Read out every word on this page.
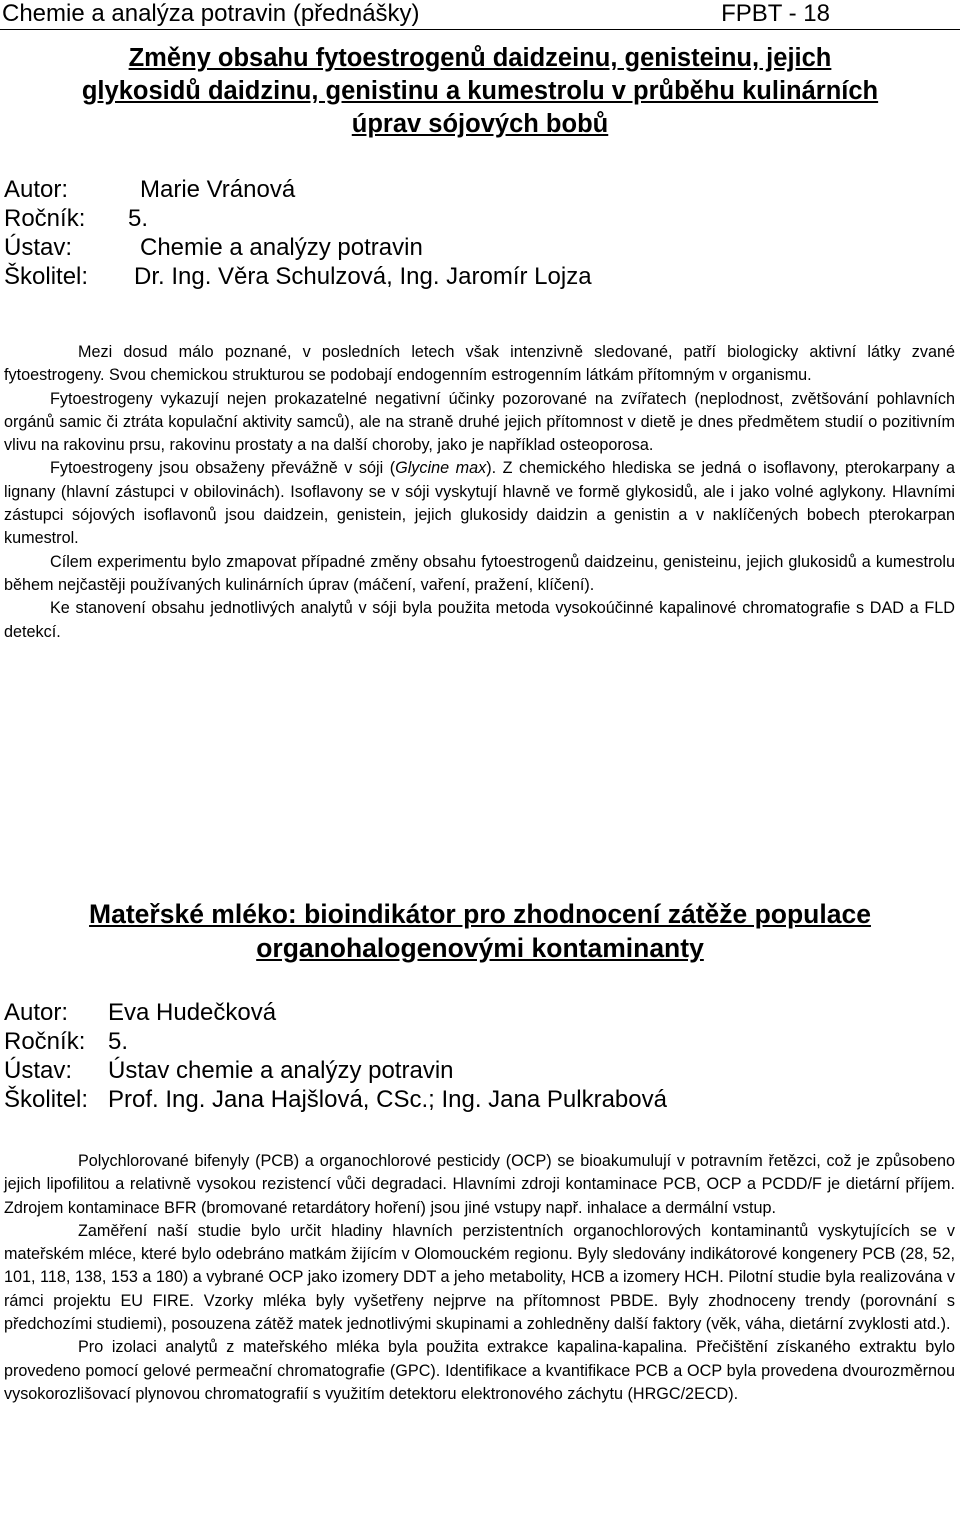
Chemie a analýza potravin (přednášky)	FPBT - 18
Změny obsahu fytoestrogenů daidzeinu, genisteinu, jejich
glykosidů daidzinu, genistinu a kumestrolu v průběhu kulinárních
úprav sójových bobů
Autor:	Marie Vránová
Ročník: 5.
Ústav:	Chemie a analýzy potravin
Školitel: Dr. Ing. Věra Schulzová, Ing. Jaromír Lojza

Mezi dosud málo poznané, v posledních letech však intenzivně sledované, patří biologicky aktivní látky zvané fytoestrogeny. Svou chemickou strukturou se podobají endogenním estrogenním látkám přítomným v organismu.

Fytoestrogeny vykazují nejen prokazatelné negativní účinky pozorované na zvířatech (neplodnost, zvětšování pohlavních orgánů samic či ztráta kopulační aktivity samců), ale na straně druhé jejich přítomnost v dietě je dnes předmětem studií o pozitivním vlivu na rakovinu prsu, rakovinu prostaty a na další choroby, jako je například osteoporosa.

Fytoestrogeny jsou obsaženy převážně v sóji (Glycine max). Z chemického hlediska se jedná o isoflavony, pterokarpany a lignany (hlavní zástupci v obilovinách). Isoflavony se v sóji vyskytují hlavně ve formě glykosidů, ale i jako volné aglykony. Hlavními zástupci sójových isoflavonů jsou daidzein, genistein, jejich glukosidy daidzin a genistin a v naklíčených bobech pterokarpan kumestrol.

Cílem experimentu bylo zmapovat případné změny obsahu fytoestrogenů daidzeinu, genisteinu, jejich glukosidů a kumestrolu během nejčastěji používaných kulinárních úprav (máčení, vaření, pražení, klíčení).

Ke stanovení obsahu jednotlivých analytů v sóji byla použita metoda vysokoúčinné kapalinové chromatografie s DAD a FLD detekcí.

Mateřské mléko: bioindikátor pro zhodnocení zátěže populace
organohalogenovými kontaminanty
Autor: Eva Hudečková
Ročník: 5.
Ústav: Ústav chemie a analýzy potravin
Školitel: Prof. Ing. Jana Hajšlová, CSc.; Ing. Jana Pulkrabová

Polychlorované bifenyly (PCB) a organochlorové pesticidy (OCP) se bioakumulují v potravním řetězci, což je způsobeno jejich lipofilitou a relativně vysokou rezistencí vůči degradaci. Hlavními zdroji kontaminace PCB, OCP a PCDD/F je dietární příjem. Zdrojem kontaminace BFR (bromované retardátory hoření) jsou jiné vstupy např. inhalace a dermální vstup.

Zaměření naší studie bylo určit hladiny hlavních perzistentních organochlorových kontaminantů vyskytujících se v mateřském mléce, které bylo odebráno matkám žijícím v Olomouckém regionu. Byly sledovány indikátorové kongenery PCB (28, 52, 101, 118, 138, 153 a 180) a vybrané OCP jako izomery DDT a jeho metabolity, HCB a izomery HCH. Pilotní studie byla realizována v rámci projektu EU FIRE. Vzorky mléka byly vyšetřeny nejprve na přítomnost PBDE. Byly zhodnoceny trendy (porovnání s předchozími studiemi), posouzena zátěž matek jednotlivými skupinami a zohledněny další faktory (věk, váha, dietární zvyklosti atd.).

Pro izolaci analytů z mateřského mléka byla použita extrakce kapalina-kapalina. Přečištění získaného extraktu bylo provedeno pomocí gelové permeační chromatografie (GPC). Identifikace a kvantifikace PCB a OCP byla provedena dvourozměrnou vysokorozlišovací plynovou chromatografií s využitím detektoru elektronového záchytu (HRGC/2ECD).
